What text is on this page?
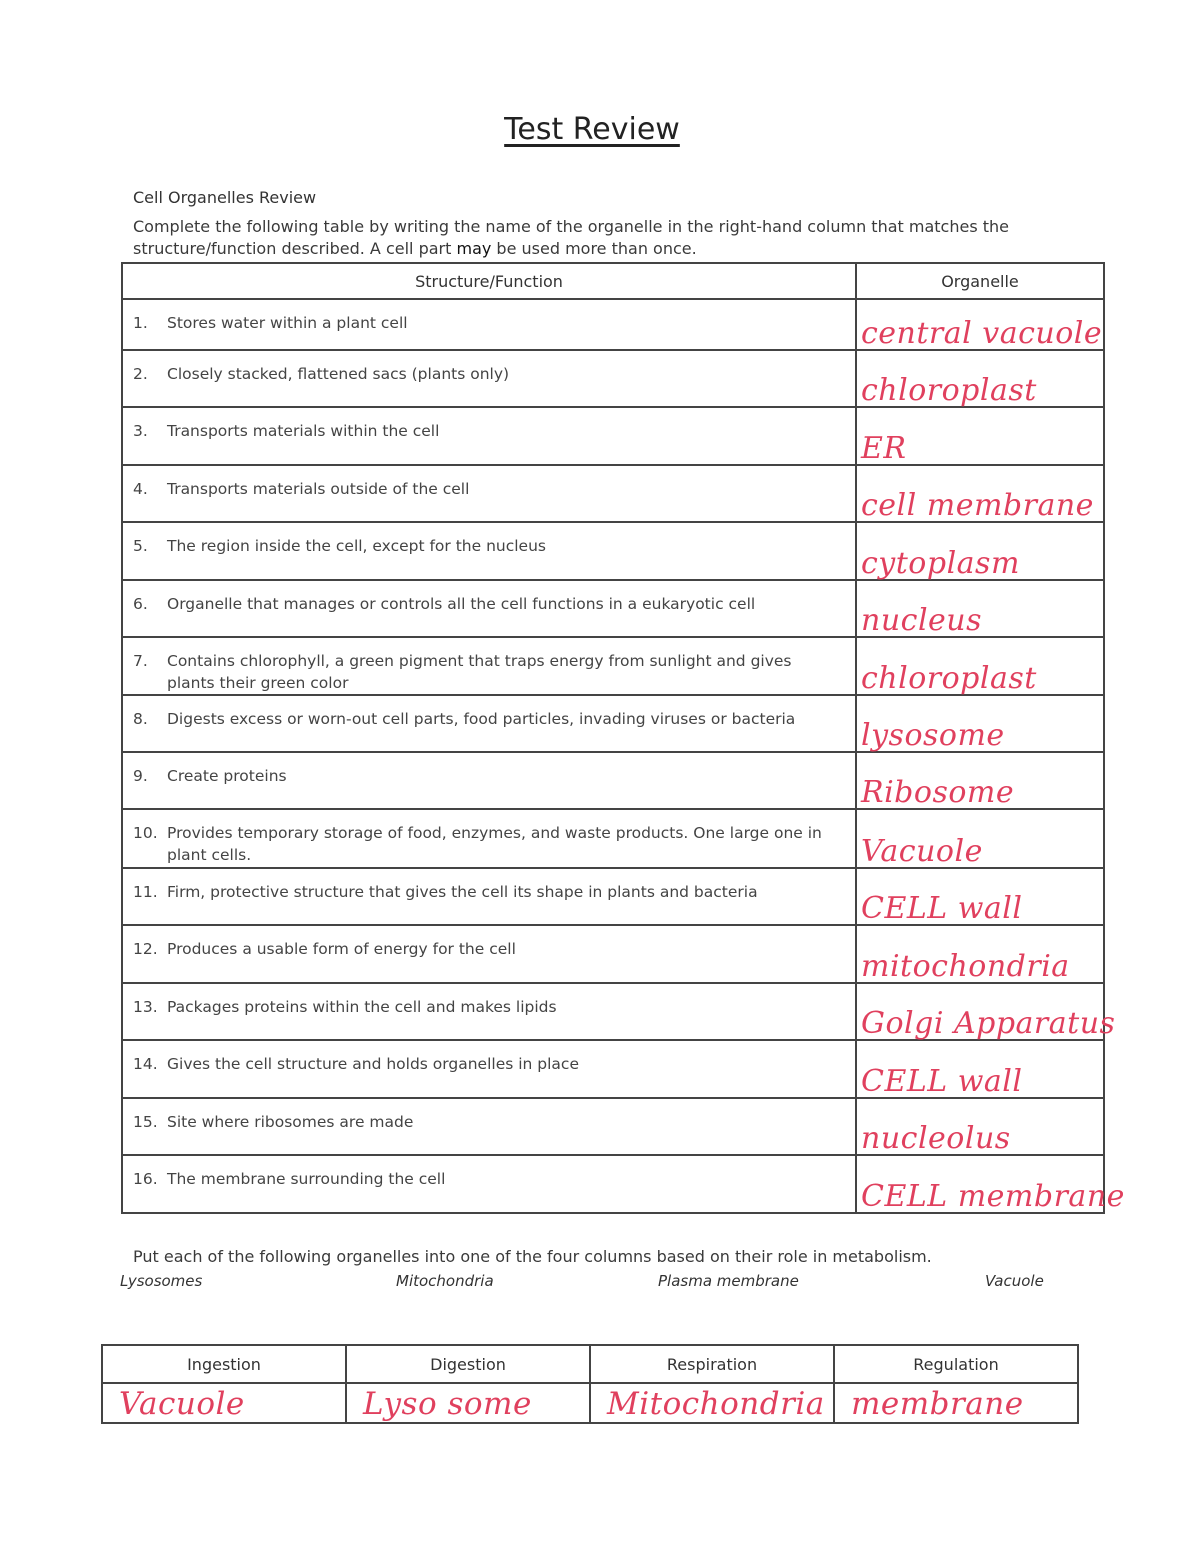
Test Review
Cell Organelles Review
Complete the following table by writing the name of the organelle in the right-hand column that matches the structure/function described. A cell part may be used more than once.
Structure/Function	Organelle

1. Stores water within a plant cell	central vacuole

2. Closely stacked, flattened sacs (plants only)	chloroplast

3. Transports materials within the cell	ER

4. Transports materials outside of the cell	cell membrane

5. The region inside the cell, except for the nucleus	cytoplasm

6. Organelle that manages or controls all the cell functions in a eukaryotic cell	nucleus

7. Contains chlorophyll, a green pigment that traps energy from sunlight and gives plants their green color	chloroplast

8. Digests excess or worn-out cell parts, food particles, invading viruses or bacteria	lysosome

9. Create proteins	Ribosome

10. Provides temporary storage of food, enzymes, and waste products. One large one in plant cells.	Vacuole

11. Firm, protective structure that gives the cell its shape in plants and bacteria	CELL wall

12. Produces a usable form of energy for the cell	mitochondria

13. Packages proteins within the cell and makes lipids	Golgi Apparatus

14. Gives the cell structure and holds organelles in place	CELL wall

15. Site where ribosomes are made	nucleolus

16. The membrane surrounding the cell	CELL membrane
Put each of the following organelles into one of the four columns based on their role in metabolism.
Lysosomes	Mitochondria	Plasma membrane	Vacuole
Ingestion	Digestion	Respiration	Regulation

Vacuole	Lyso some	Mitochondria	membrane
